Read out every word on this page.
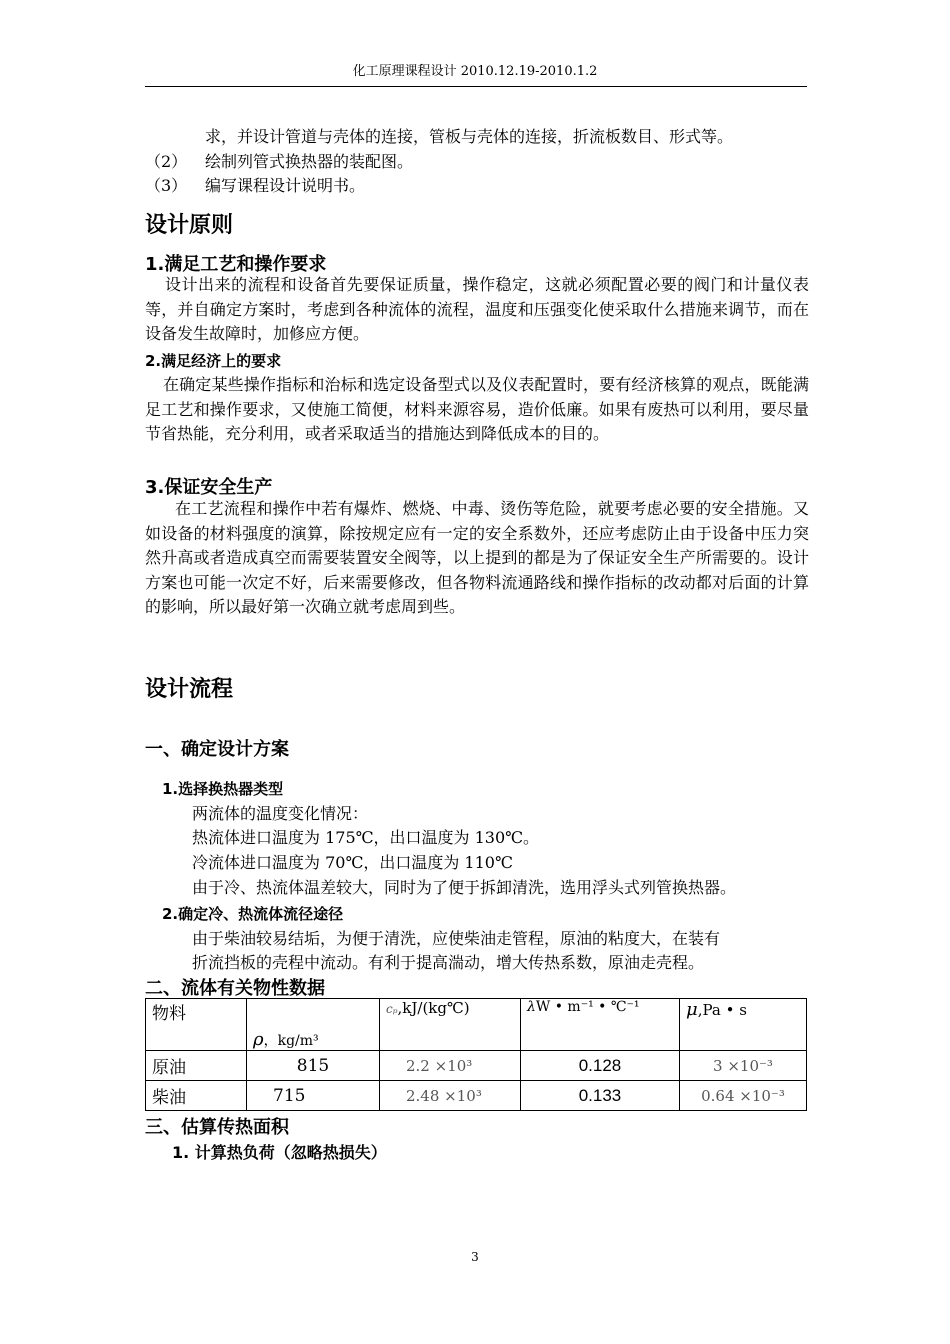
化工原理课程设计 2010.12.19-2010.1.2
求，并设计管道与壳体的连接，管板与壳体的连接，折流板数目、形式等。
（2） 绘制列管式换热器的装配图。
（3） 编写课程设计说明书。
设计原则
1.满足工艺和操作要求
设计出来的流程和设备首先要保证质量，操作稳定，这就必须配置必要的阀门和计量仪表等，并自确定方案时，考虑到各种流体的流程，温度和压强变化使采取什么措施来调节，而在设备发生故障时，加修应方便。
2.满足经济上的要求
在确定某些操作指标和治标和选定设备型式以及仪表配置时，要有经济核算的观点，既能满足工艺和操作要求，又使施工简便，材料来源容易，造价低廉。如果有废热可以利用，要尽量节省热能，充分利用，或者采取适当的措施达到降低成本的目的。
3.保证安全生产
在工艺流程和操作中若有爆炸、燃烧、中毒、烫伤等危险，就要考虑必要的安全措施。又如设备的材料强度的演算，除按规定应有一定的安全系数外，还应考虑防止由于设备中压力突然升高或者造成真空而需要装置安全阀等，以上提到的都是为了保证安全生产所需要的。设计方案也可能一次定不好，后来需要修改，但各物料流通路线和操作指标的改动都对后面的计算的影响，所以最好第一次确立就考虑周到些。
设计流程
一、确定设计方案
1.选择换热器类型
两流体的温度变化情况：
热流体进口温度为 175℃，出口温度为 130℃。
冷流体进口温度为 70℃，出口温度为 110℃
由于冷、热流体温差较大，同时为了便于拆卸清洗，选用浮头式列管换热器。
2.确定冷、热流体流径途径
由于柴油较易结垢，为便于清洗，应使柴油走管程，原油的粘度大，在装有
折流挡板的壳程中流动。有利于提高湍动，增大传热系数，原油走壳程。
二、流体有关物性数据
物料	ρ，kg/m³	cₚ,kJ/(kg℃)	λW • m⁻¹ • ℃⁻¹	μ,Pa • s
原油	815	2.2 ×10³	0.128	3 ×10⁻³
柴油	715	2.48 ×10³	0.133	0.64 ×10⁻³
三、估算传热面积
1. 计算热负荷（忽略热损失）
3
